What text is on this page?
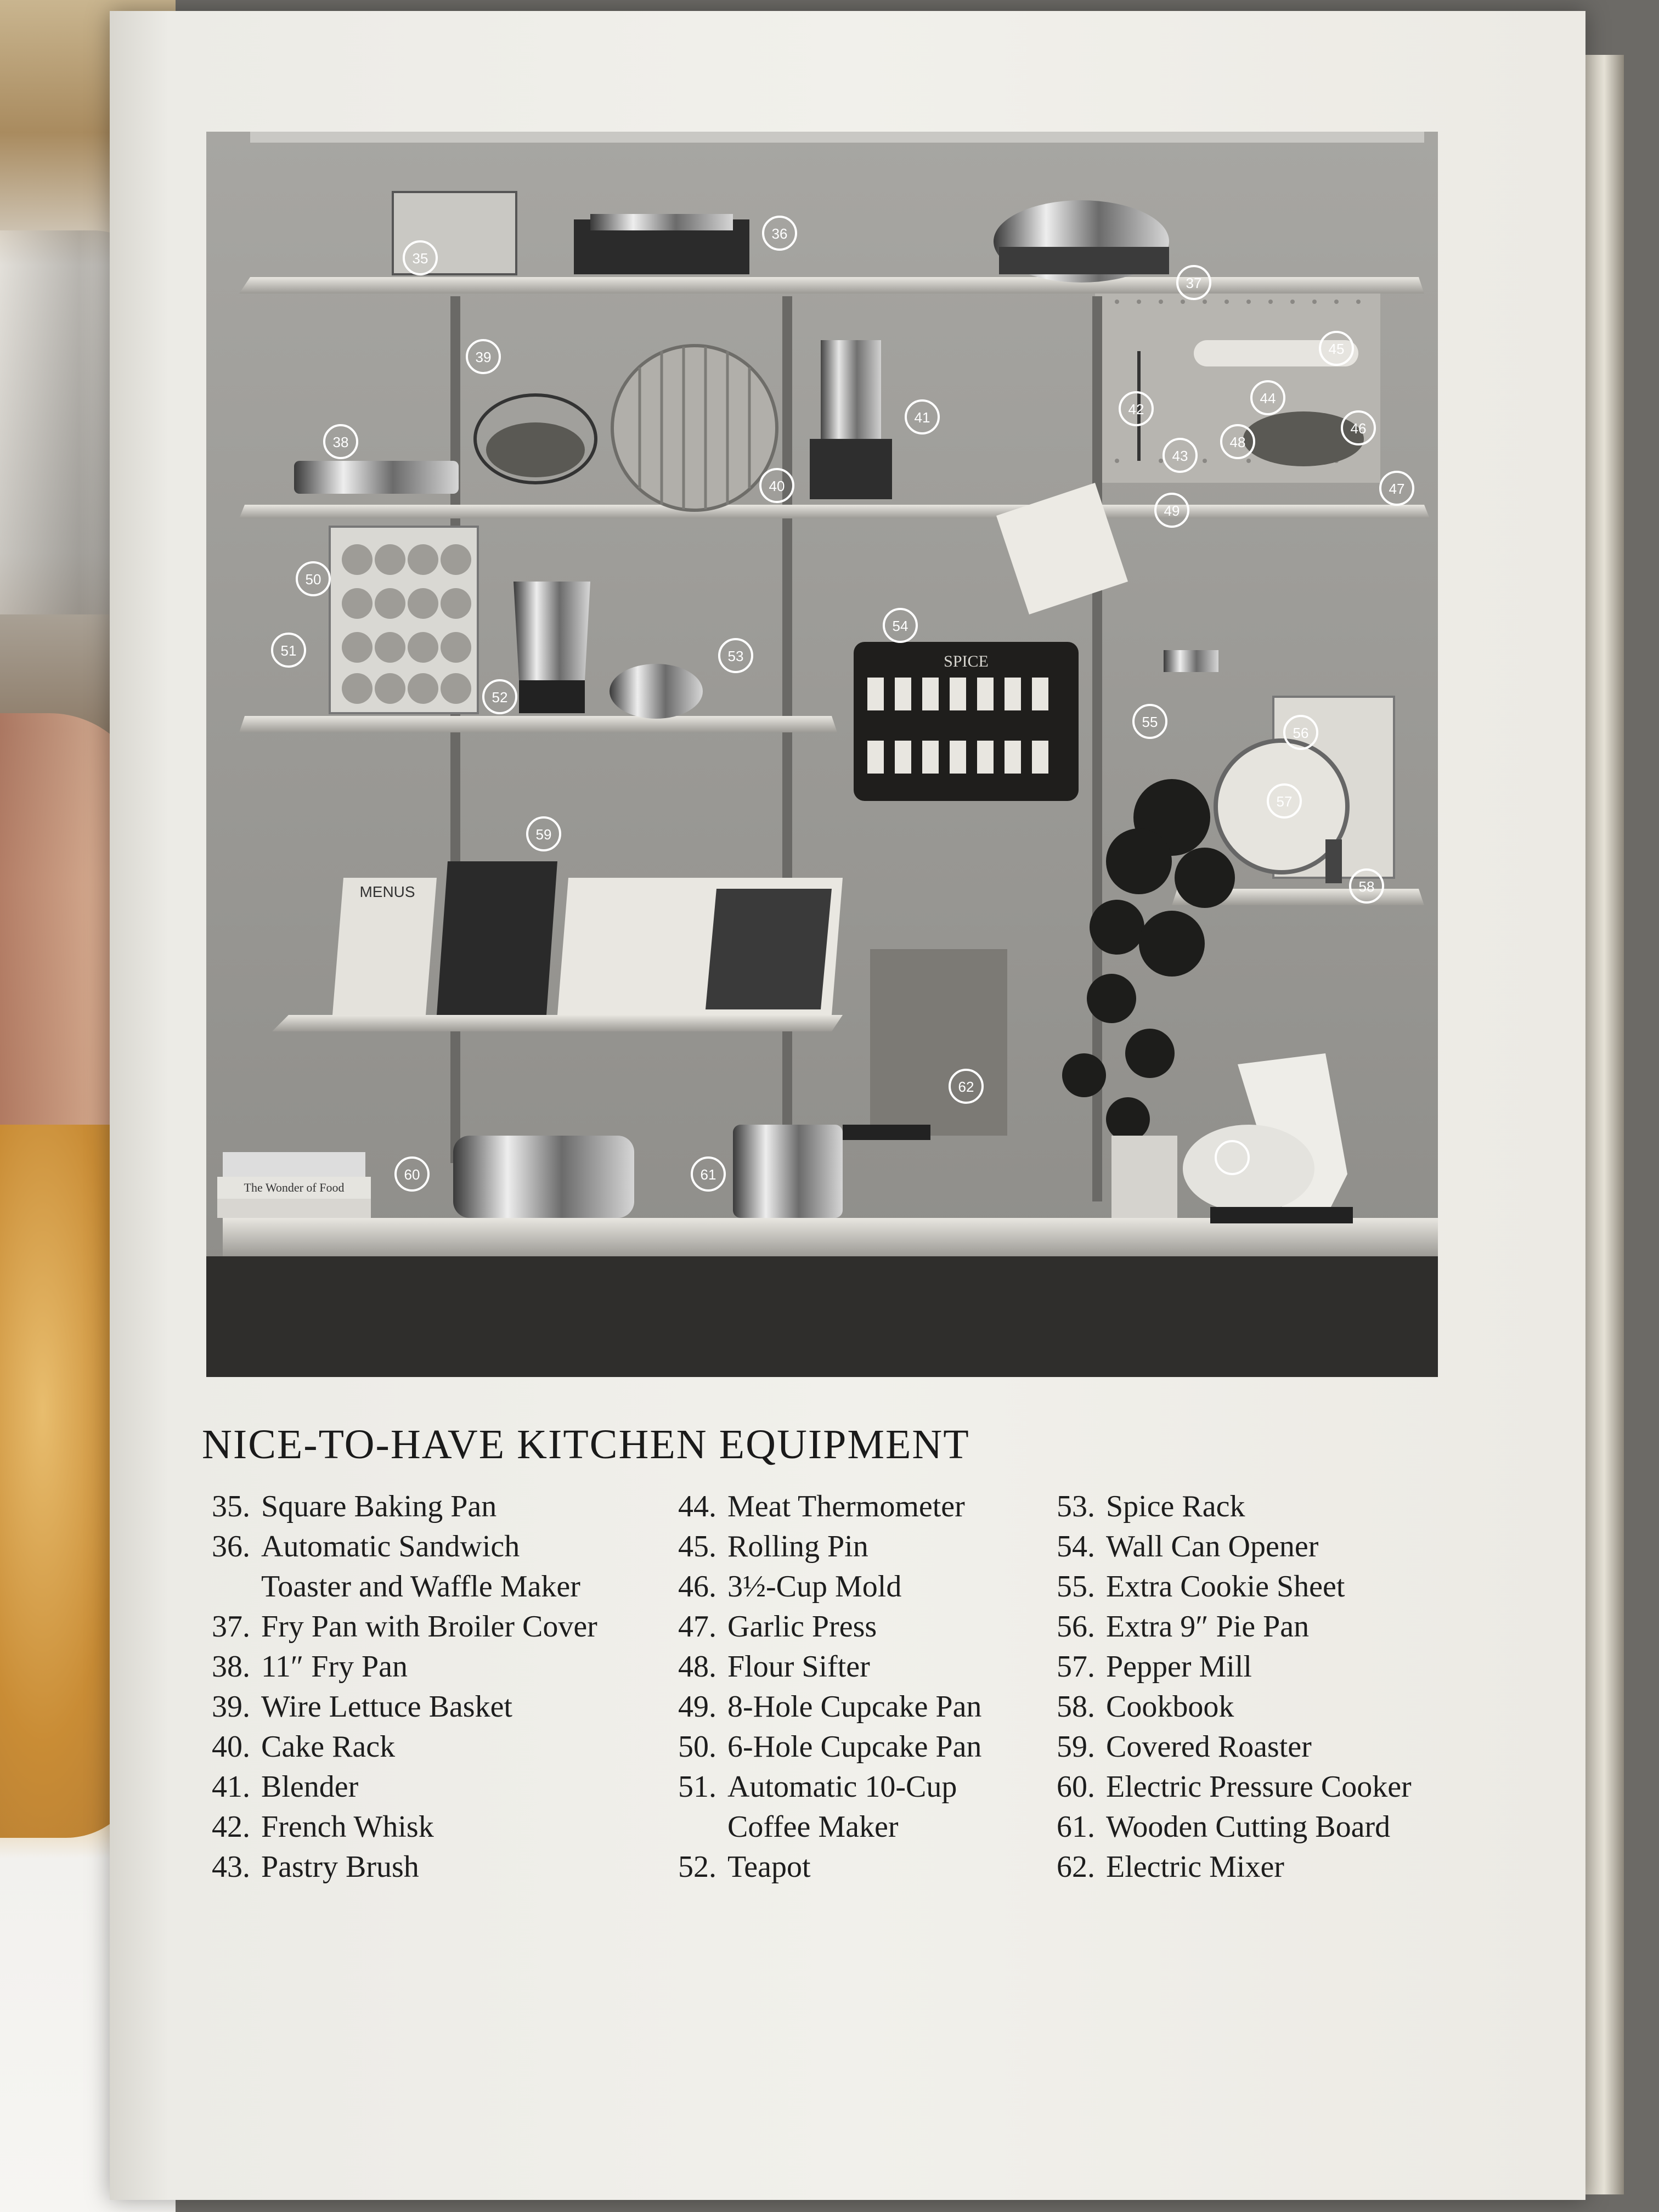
SPICE
MENUS
The Wonder of Food
35
36
37
38
39
40
41	42
43
44
45
46
47
48
49
50
51
52
53
54
55
56
57
58
59
60	61
62
NICE-TO-HAVE KITCHEN EQUIPMENT
35. Square Baking Pan
36. Automatic Sandwich
Toaster and Waffle Maker
37. Fry Pan with Broiler Cover
38. 11″ Fry Pan
39. Wire Lettuce Basket
40. Cake Rack
41. Blender
42. French Whisk
43. Pastry Brush
44. Meat Thermometer
45. Rolling Pin
46. 3½-Cup Mold
47. Garlic Press
48. Flour Sifter
49. 8-Hole Cupcake Pan
50. 6-Hole Cupcake Pan
51. Automatic 10-Cup
Coffee Maker
52. Teapot
53. Spice Rack
54. Wall Can Opener
55. Extra Cookie Sheet
56. Extra 9″ Pie Pan
57. Pepper Mill
58. Cookbook
59. Covered Roaster
60. Electric Pressure Cooker
61. Wooden Cutting Board
62. Electric Mixer
